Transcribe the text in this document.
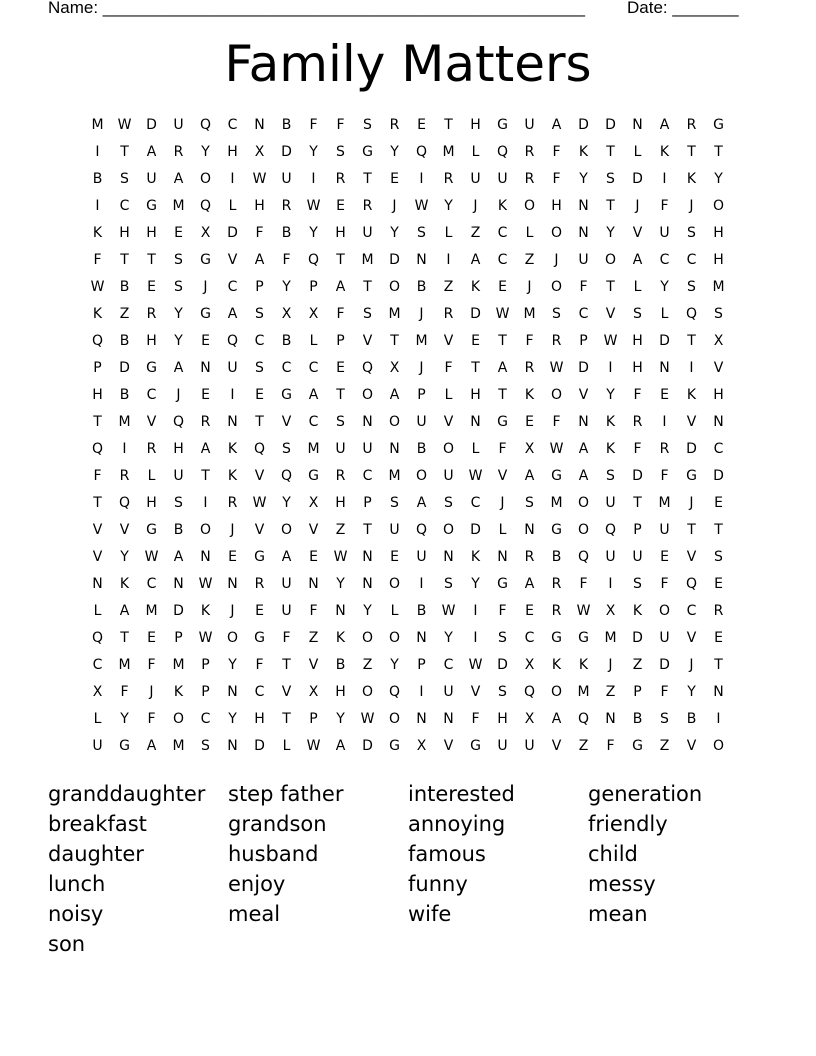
Name: ___________________________________________________ Date: _______
Family Matters
M	W	D	U	Q	C	N	B	F	F	S	R	E	T	H	G	U	A	D	D	N	A	R	G
I	T	A	R	Y	H	X	D	Y	S	G	Y	Q	M	L	Q	R	F	K	T	L	K	T	T
B	S	U	A	O	I	W	U	I	R	T	E	I	R	U	U	R	F	Y	S	D	I	K	Y
I	C	G	M	Q	L	H	R	W	E	R	J	W	Y	J	K	O	H	N	T	J	F	J	O
K	H	H	E	X	D	F	B	Y	H	U	Y	S	L	Z	C	L	O	N	Y	V	U	S	H
F	T	T	S	G	V	A	F	Q	T	M	D	N	I	A	C	Z	J	U	O	A	C	C	H
W	B	E	S	J	C	P	Y	P	A	T	O	B	Z	K	E	J	O	F	T	L	Y	S	M
K	Z	R	Y	G	A	S	X	X	F	S	M	J	R	D	W	M	S	C	V	S	L	Q	S
Q	B	H	Y	E	Q	C	B	L	P	V	T	M	V	E	T	F	R	P	W	H	D	T	X
P	D	G	A	N	U	S	C	C	E	Q	X	J	F	T	A	R	W	D	I	H	N	I	V
H	B	C	J	E	I	E	G	A	T	O	A	P	L	H	T	K	O	V	Y	F	E	K	H
T	M	V	Q	R	N	T	V	C	S	N	O	U	V	N	G	E	F	N	K	R	I	V	N
Q	I	R	H	A	K	Q	S	M	U	U	N	B	O	L	F	X	W	A	K	F	R	D	C
F	R	L	U	T	K	V	Q	G	R	C	M	O	U	W	V	A	G	A	S	D	F	G	D
T	Q	H	S	I	R	W	Y	X	H	P	S	A	S	C	J	S	M	O	U	T	M	J	E
V	V	G	B	O	J	V	O	V	Z	T	U	Q	O	D	L	N	G	O	Q	P	U	T	T
V	Y	W	A	N	E	G	A	E	W	N	E	U	N	K	N	R	B	Q	U	U	E	V	S
N	K	C	N	W	N	R	U	N	Y	N	O	I	S	Y	G	A	R	F	I	S	F	Q	E
L	A	M	D	K	J	E	U	F	N	Y	L	B	W	I	F	E	R	W	X	K	O	C	R
Q	T	E	P	W	O	G	F	Z	K	O	O	N	Y	I	S	C	G	G	M	D	U	V	E
C	M	F	M	P	Y	F	T	V	B	Z	Y	P	C	W	D	X	K	K	J	Z	D	J	T
X	F	J	K	P	N	C	V	X	H	O	Q	I	U	V	S	Q	O	M	Z	P	F	Y	N
L	Y	F	O	C	Y	H	T	P	Y	W	O	N	N	F	H	X	A	Q	N	B	S	B	I
U	G	A	M	S	N	D	L	W	A	D	G	X	V	G	U	U	V	Z	F	G	Z	V	O
granddaughter	step father	interested	generation
breakfast	grandson	annoying	friendly
daughter	husband	famous	child
lunch	enjoy	funny	messy
noisy	meal	wife	mean
son
